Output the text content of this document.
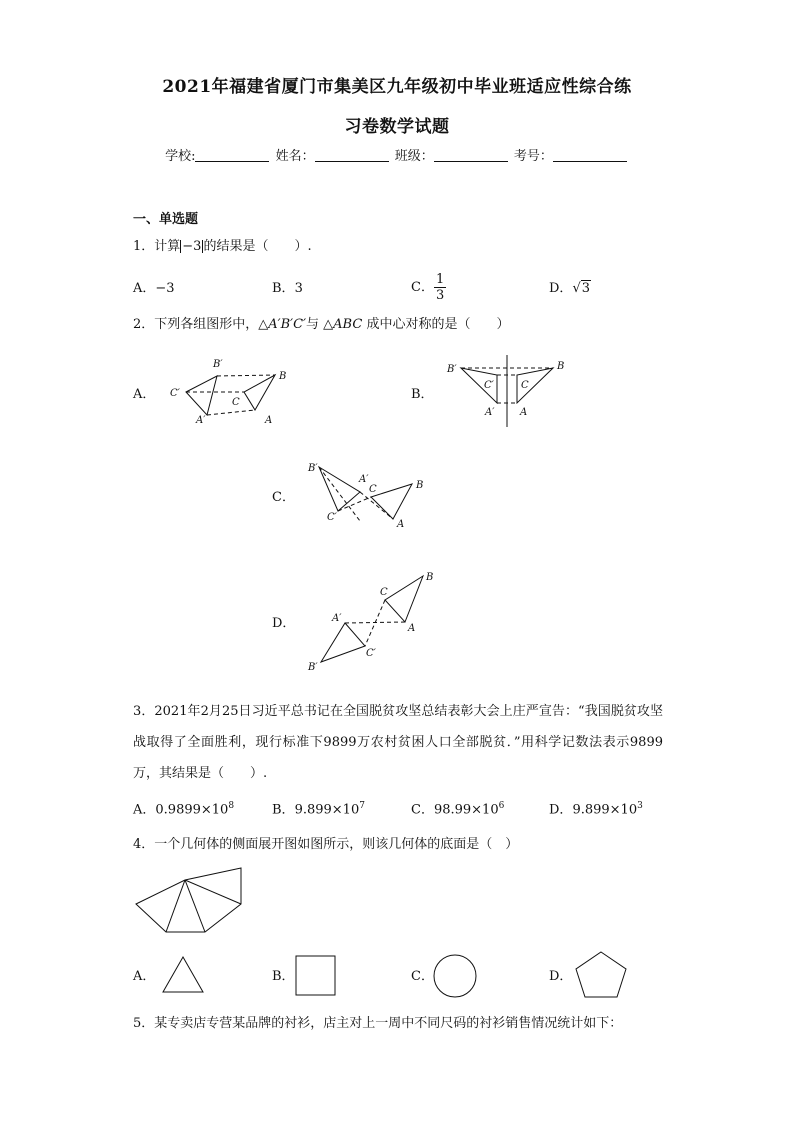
2021年福建省厦门市集美区九年级初中毕业班适应性综合练
习卷数学试题
学校:	姓名：	班级：	考号：
一、单选题
1．计算 −3 的结果是（　　）.
A．−3	B．3	C． $\frac{1}{3}$	D．√3
2．下列各组图形中，△A′B′C′与 △ABC 成中心对称的是（　　）
A．	B．
C．
D．
B′
C′
A′
B
C
A
B′
C′
A′
B
C
A
B′
A′
C′
C	B
A
B
C
A
A′
C′
B′
3．2021年2月25日习近平总书记在全国脱贫攻坚总结表彰大会上庄严宣告：“我国脱贫攻坚战取得了全面胜利，现行标准下9899万农村贫困人口全部脱贫．”用科学记数法表示9899万，其结果是（　　）.
A．$0.9899\times 10^8$	B．$9.899\times 10^7$	C．$98.99\times 10^6$	D．$9.899\times 10^3$
4．一个几何体的侧面展开图如图所示，则该几何体的底面是（　）
A．	B．	C．	D．
5．某专卖店专营某品牌的衬衫，店主对上一周中不同尺码的衬衫销售情况统计如下：
